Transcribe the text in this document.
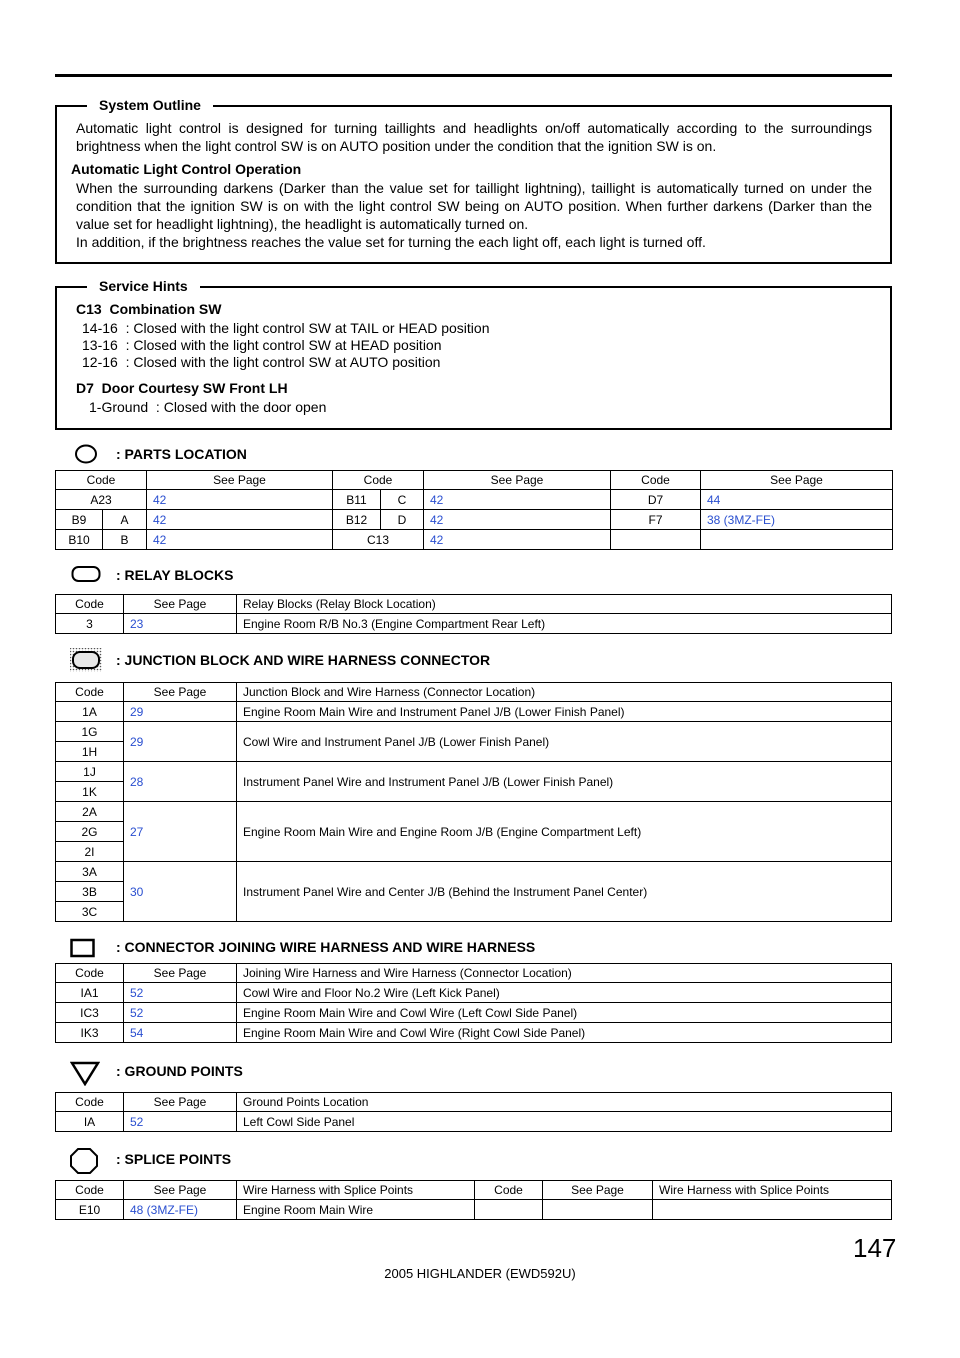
System Outline
Automatic light control is designed for turning taillights and headlights on/off automatically according to the surroundings brightness when the light control SW is on AUTO position under the condition that the ignition SW is on.
Automatic Light Control Operation
When the surrounding darkens (Darker than the value set for taillight lightning), taillight is automatically turned on under the condition that the ignition SW is on with the light control SW being on AUTO position. When further darkens (Darker than the value set for headlight lightning), the headlight is automatically turned on.
In addition, if the brightness reaches the value set for turning the each light off, each light is turned off.
Service Hints
C13  Combination SW
14-16  : Closed with the light control SW at TAIL or HEAD position
13-16  : Closed with the light control SW at HEAD position
12-16  : Closed with the light control SW at AUTO position
D7  Door Courtesy SW Front LH
1-Ground  : Closed with the door open
: PARTS LOCATION
Code		See Page	Code		See Page	Code	See Page
A23		42	B11	C	42	D7	44
B9	A	42	B12	D	42	F7	38 (3MZ-FE)
B10	B	42	C13		42		
: RELAY BLOCKS
Code	See Page	Relay Blocks (Relay Block Location)
3	23	Engine Room R/B No.3 (Engine Compartment Rear Left)
: JUNCTION BLOCK AND WIRE HARNESS CONNECTOR
Code	See Page	Junction Block and Wire Harness (Connector Location)
1A	29	Engine Room Main Wire and Instrument Panel J/B (Lower Finish Panel)
1G	29	Cowl Wire and Instrument Panel J/B (Lower Finish Panel)
1H		
1J	28	Instrument Panel Wire and Instrument Panel J/B (Lower Finish Panel)
1K		
2A	27	Engine Room Main Wire and Engine Room J/B (Engine Compartment Left)
2G		
2I		
3A	30	Instrument Panel Wire and Center J/B (Behind the Instrument Panel Center)
3B		
3C		
: CONNECTOR JOINING WIRE HARNESS AND WIRE HARNESS
Code	See Page	Joining Wire Harness and Wire Harness (Connector Location)
IA1	52	Cowl Wire and Floor No.2 Wire (Left Kick Panel)
IC3	52	Engine Room Main Wire and Cowl Wire (Left Cowl Side Panel)
IK3	54	Engine Room Main Wire and Cowl Wire (Right Cowl Side Panel)
: GROUND POINTS
Code	See Page	Ground Points Location
IA	52	Left Cowl Side Panel
: SPLICE POINTS
Code	See Page	Wire Harness with Splice Points	Code	See Page	Wire Harness with Splice Points
E10	48 (3MZ-FE)	Engine Room Main Wire			
147
2005 HIGHLANDER (EWD592U)
